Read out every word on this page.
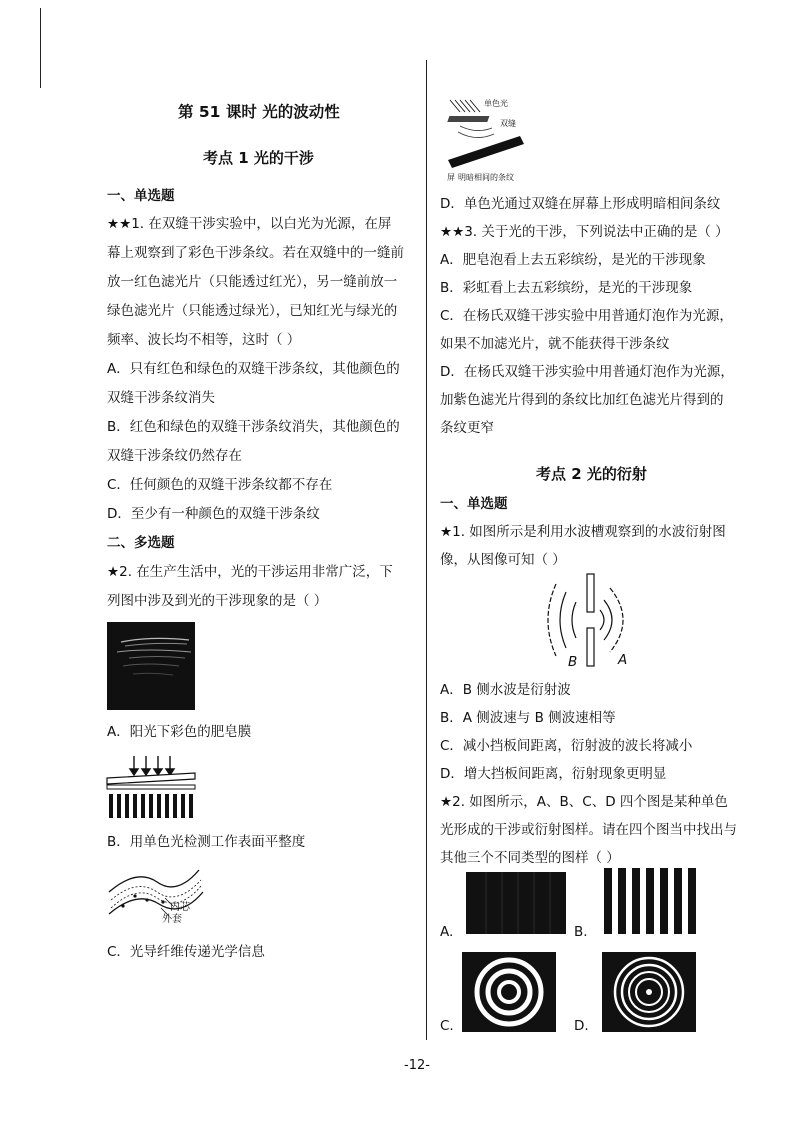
第 51 课时 光的波动性
考点 1 光的干涉
一、单选题
★★1. 在双缝干涉实验中，以白光为光源，在屏
幕上观察到了彩色干涉条纹。若在双缝中的一缝前
放一红色滤光片（只能透过红光），另一缝前放一
绿色滤光片（只能透过绿光），已知红光与绿光的
频率、波长均不相等，这时（ ）
A．只有红色和绿色的双缝干涉条纹，其他颜色的
双缝干涉条纹消失
B．红色和绿色的双缝干涉条纹消失，其他颜色的
双缝干涉条纹仍然存在
C．任何颜色的双缝干涉条纹都不存在
D．至少有一种颜色的双缝干涉条纹
二、多选题
★2. 在生产生活中，光的干涉运用非常广泛，下
列图中涉及到光的干涉现象的是（ ）
A．阳光下彩色的肥皂膜
B．用单色光检测工作表面平整度
内芯
外套
C．光导纤维传递光学信息
单色光
双缝
屏 明暗相间的条纹
D．单色光通过双缝在屏幕上形成明暗相间条纹
★★3. 关于光的干涉，下列说法中正确的是（ ）
A．肥皂泡看上去五彩缤纷，是光的干涉现象
B．彩虹看上去五彩缤纷，是光的干涉现象
C．在杨氏双缝干涉实验中用普通灯泡作为光源，
如果不加滤光片，就不能获得干涉条纹
D．在杨氏双缝干涉实验中用普通灯泡作为光源，
加紫色滤光片得到的条纹比加红色滤光片得到的
条纹更窄
考点 2 光的衍射
一、单选题
★1. 如图所示是利用水波槽观察到的水波衍射图
像，从图像可知（ ）
B	A
A．B 侧水波是衍射波
B．A 侧波速与 B 侧波速相等
C．减小挡板间距离，衍射波的波长将减小
D．增大挡板间距离，衍射现象更明显
★2. 如图所示，A、B、C、D 四个图是某种单色
光形成的干涉或衍射图样。请在四个图当中找出与
其他三个不同类型的图样（ ）
A.	B.
C.	D.
-12-
